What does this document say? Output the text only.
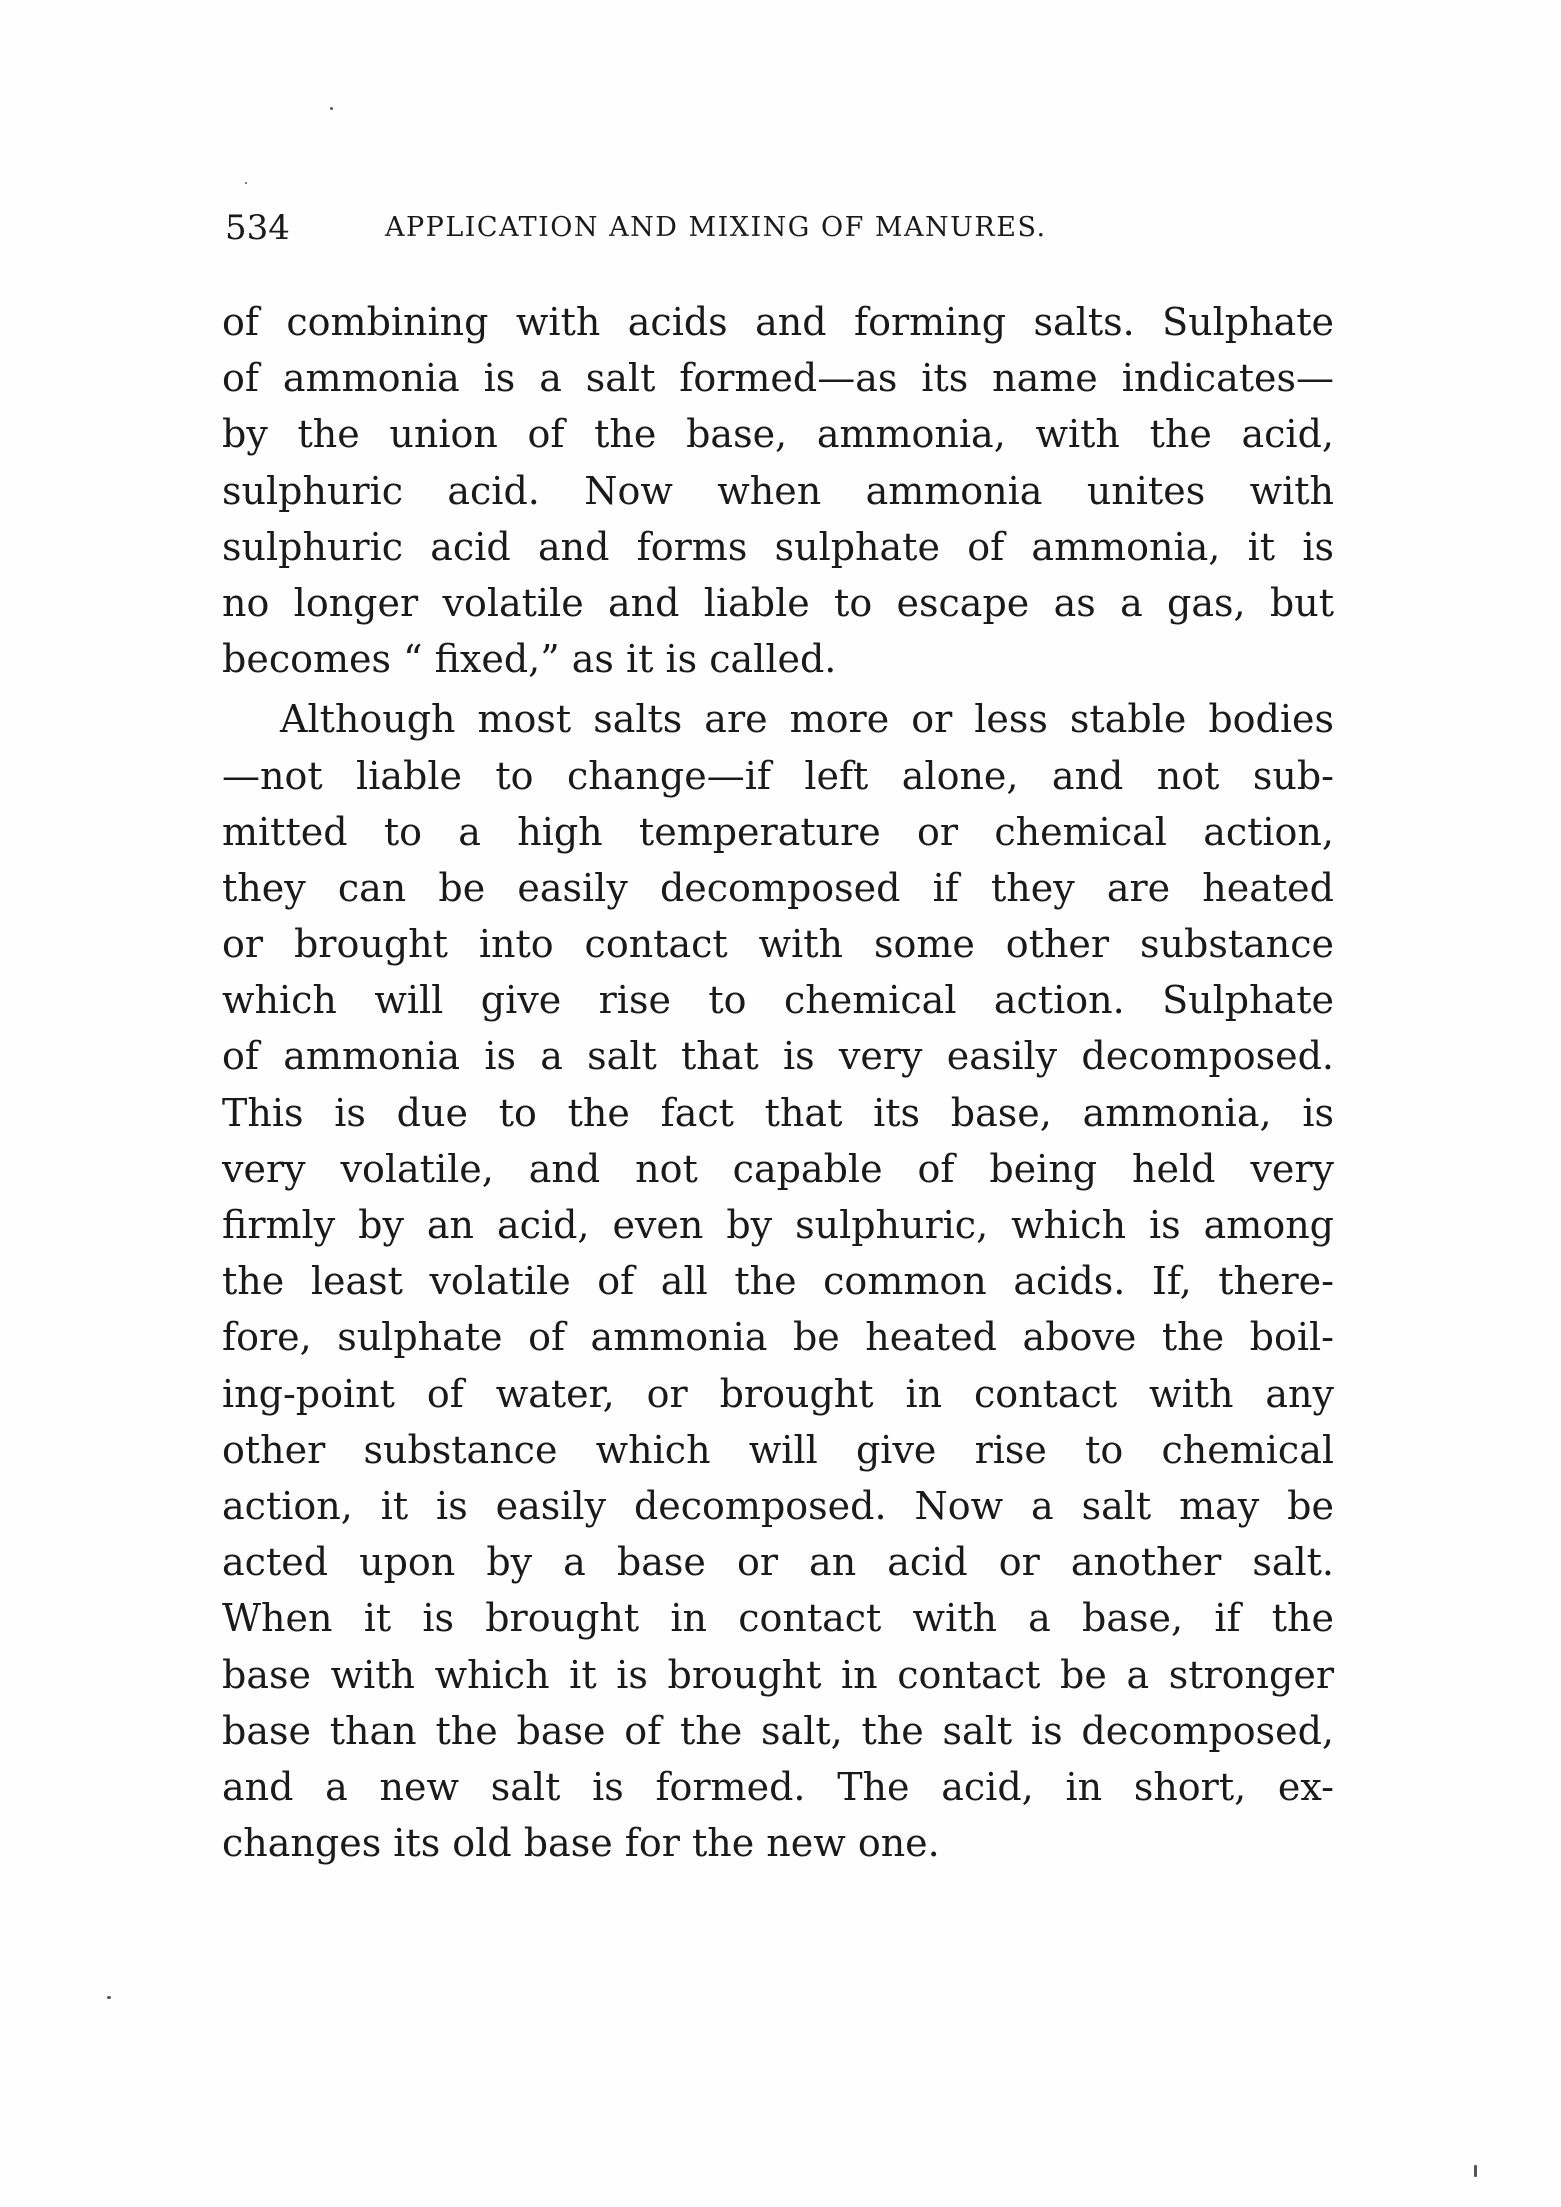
534	APPLICATION AND MIXING OF MANURES.
of combining with acids and forming salts. Sulphate
of ammonia is a salt formed—as its name indicates—
by the union of the base, ammonia, with the acid,
sulphuric acid. Now when ammonia unites with
sulphuric acid and forms sulphate of ammonia, it is
no longer volatile and liable to escape as a gas, but
becomes “ fixed,” as it is called.
Although most salts are more or less stable bodies
—not liable to change—if left alone, and not sub-
mitted to a high temperature or chemical action,
they can be easily decomposed if they are heated
or brought into contact with some other substance
which will give rise to chemical action. Sulphate
of ammonia is a salt that is very easily decomposed.
This is due to the fact that its base, ammonia, is
very volatile, and not capable of being held very
firmly by an acid, even by sulphuric, which is among
the least volatile of all the common acids. If, there-
fore, sulphate of ammonia be heated above the boil-
ing-point of water, or brought in contact with any
other substance which will give rise to chemical
action, it is easily decomposed. Now a salt may be
acted upon by a base or an acid or another salt.
When it is brought in contact with a base, if the
base with which it is brought in contact be a stronger
base than the base of the salt, the salt is decomposed,
and a new salt is formed. The acid, in short, ex-
changes its old base for the new one.
